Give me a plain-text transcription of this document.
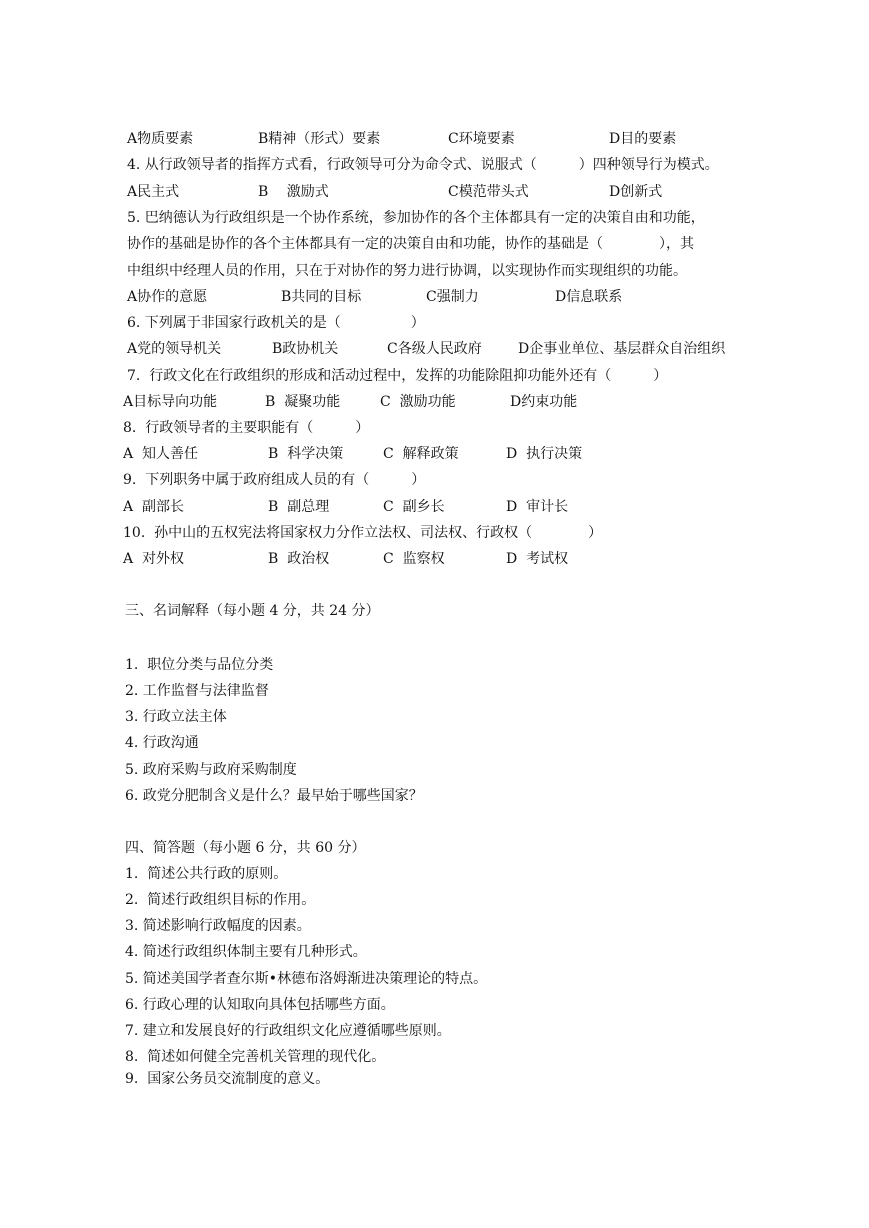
A物质要素	B精神（形式）要素	C环境要素	D目的要素
4. 从行政领导者的指挥方式看，行政领导可分为命令式、说服式（　　　）四种领导行为模式。
A民主式	B　 激励式	C模范带头式	D创新式
5. 巴纳德认为行政组织是一个协作系统，参加协作的各个主体都具有一定的决策自由和功能，
协作的基础是协作的各个主体都具有一定的决策自由和功能，协作的基础是（　　　　），其
中组织中经理人员的作用，只在于对协作的努力进行协调，以实现协作而实现组织的功能。
A协作的意愿	B共同的目标	C强制力	D信息联系
6. 下列属于非国家行政机关的是（　　　　　）
A党的领导机关	B政协机关	C各级人民政府	D企事业单位、基层群众自治组织
7.  行政文化在行政组织的形成和活动过程中，发挥的功能除阻抑功能外还有（　　　）
A目标导向功能	B  凝聚功能	C  激励功能	D约束功能
8.  行政领导者的主要职能有（　　　）
A  知人善任	B  科学决策	C  解释政策	D  执行决策
9.  下列职务中属于政府组成人员的有（　　　）
A  副部长	B  副总理	C  副乡长	D  审计长
10.  孙中山的五权宪法将国家权力分作立法权、司法权、行政权（　　　　）
A  对外权	B  政治权	C  监察权	D  考试权
三、名词解释（每小题 4 分，共 24 分）
1.  职位分类与品位分类
2. 工作监督与法律监督
3. 行政立法主体
4. 行政沟通
5. 政府采购与政府采购制度
6. 政党分肥制含义是什么？最早始于哪些国家？
四、简答题（每小题 6 分，共 60 分）
1.  简述公共行政的原则。
2.  简述行政组织目标的作用。
3. 简述影响行政幅度的因素。
4. 简述行政组织体制主要有几种形式。
5. 简述美国学者查尔斯•林德布洛姆渐进决策理论的特点。
6. 行政心理的认知取向具体包括哪些方面。
7. 建立和发展良好的行政组织文化应遵循哪些原则。
8.  简述如何健全完善机关管理的现代化。
9.  国家公务员交流制度的意义。
